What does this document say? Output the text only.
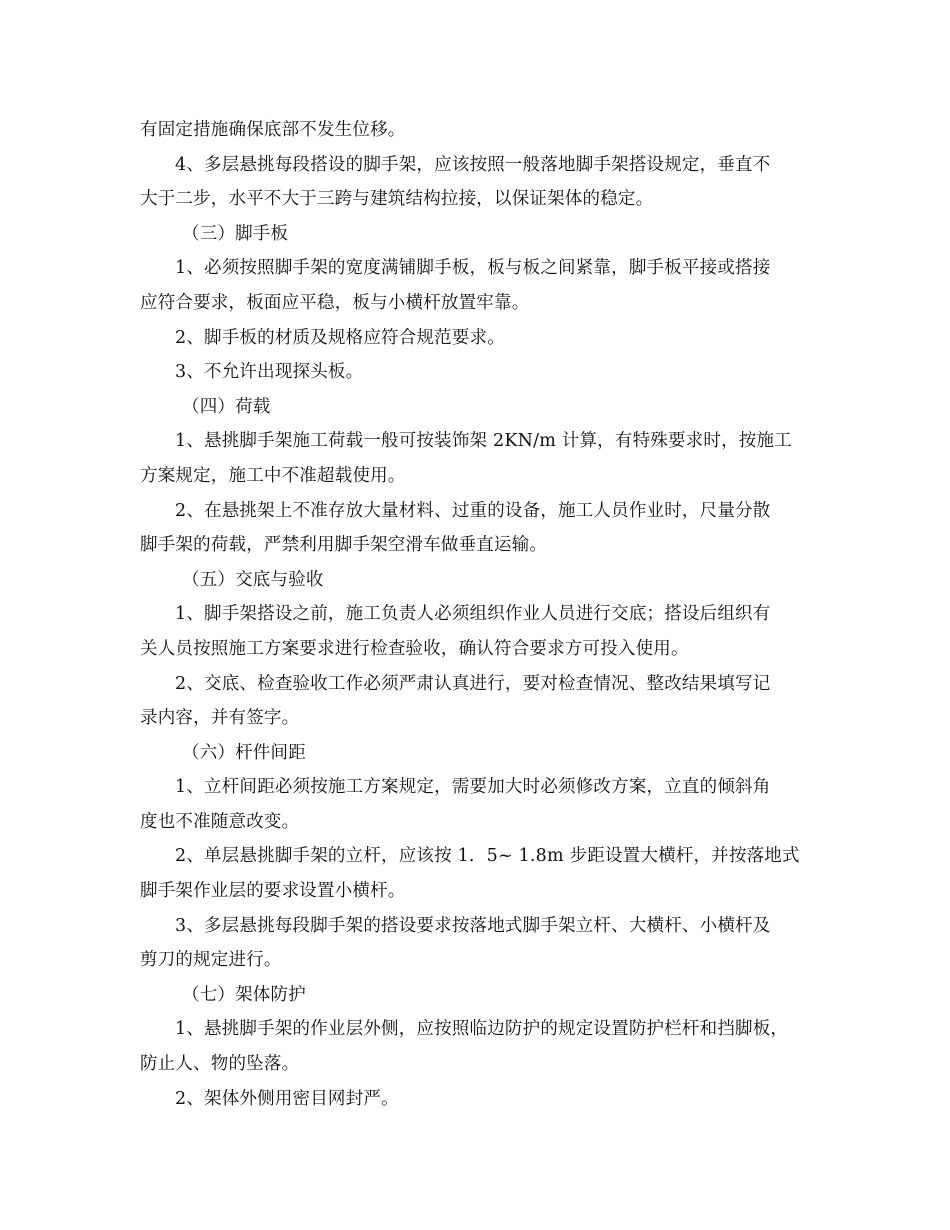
有固定措施确保底部不发生位移。
4、多层悬挑每段搭设的脚手架，应该按照一般落地脚手架搭设规定，垂直不
大于二步，水平不大于三跨与建筑结构拉接，以保证架体的稳定。
（三）脚手板
1、必须按照脚手架的宽度满铺脚手板，板与板之间紧靠，脚手板平接或搭接
应符合要求，板面应平稳，板与小横杆放置牢靠。
2、脚手板的材质及规格应符合规范要求。
3、不允许出现探头板。
（四）荷载
1、悬挑脚手架施工荷载一般可按装饰架 2KN/m 计算，有特殊要求时，按施工
方案规定，施工中不准超载使用。
2、在悬挑架上不准存放大量材料、过重的设备，施工人员作业时，尺量分散
脚手架的荷载，严禁利用脚手架空滑车做垂直运输。
（五）交底与验收
1、脚手架搭设之前，施工负责人必须组织作业人员进行交底；搭设后组织有
关人员按照施工方案要求进行检查验收，确认符合要求方可投入使用。
2、交底、检查验收工作必须严肃认真进行，要对检查情况、整改结果填写记
录内容，并有签字。
（六）杆件间距
1、立杆间距必须按施工方案规定，需要加大时必须修改方案，立直的倾斜角
度也不准随意改变。
2、单层悬挑脚手架的立杆，应该按 1．5~ 1.8m 步距设置大横杆，并按落地式
脚手架作业层的要求设置小横杆。
3、多层悬挑每段脚手架的搭设要求按落地式脚手架立杆、大横杆、小横杆及
剪刀的规定进行。
（七）架体防护
1、悬挑脚手架的作业层外侧，应按照临边防护的规定设置防护栏杆和挡脚板，
防止人、物的坠落。
2、架体外侧用密目网封严。
